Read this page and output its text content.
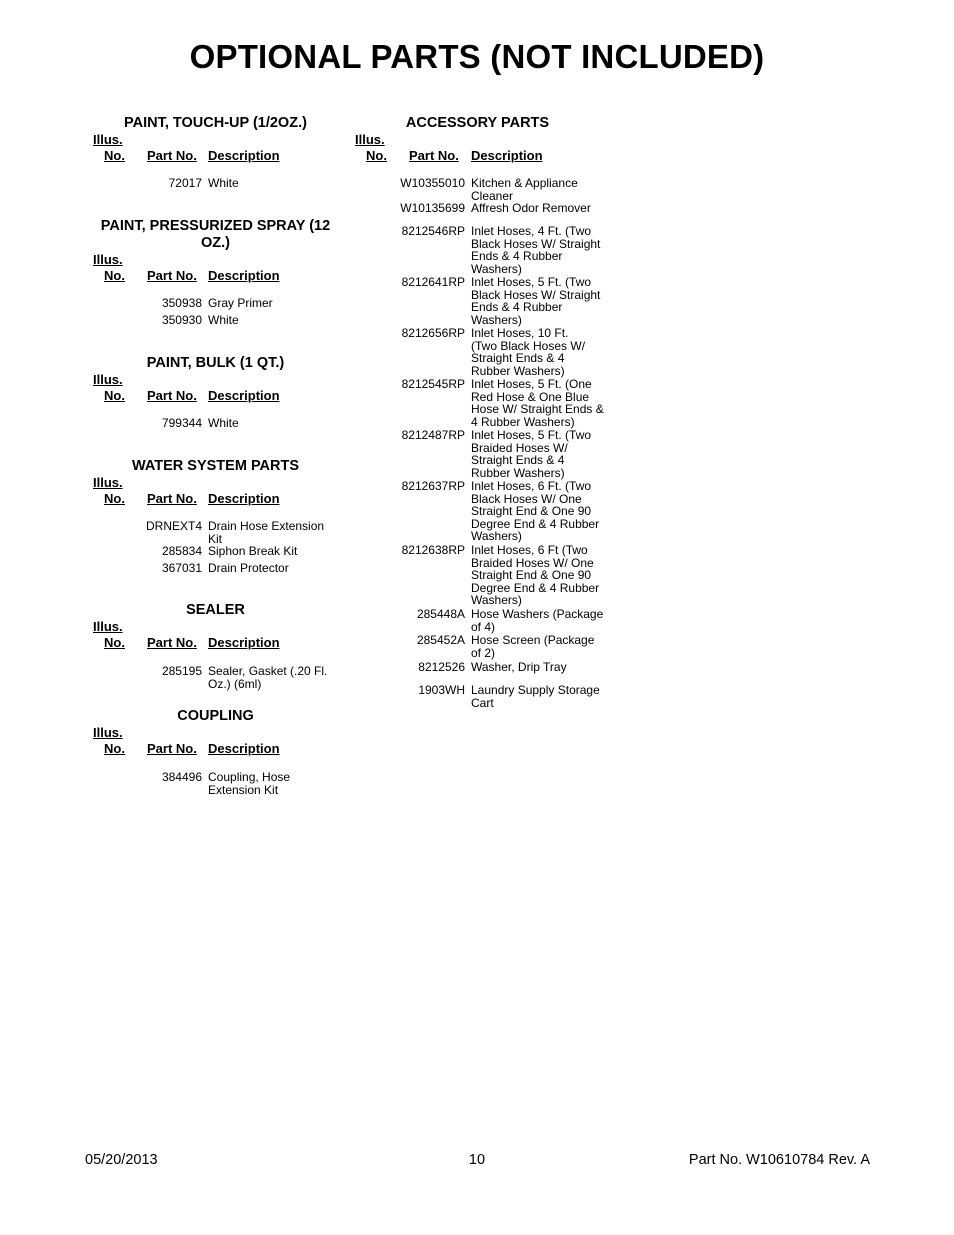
OPTIONAL PARTS (NOT INCLUDED)
PAINT, TOUCH-UP (1/2OZ.)
Illus.
No. Part No. Description
72017 White
PAINT, PRESSURIZED SPRAY (12 OZ.)
Illus.
No. Part No. Description
350938 Gray Primer
350930 White
PAINT, BULK (1 QT.)
Illus.
No. Part No. Description
799344 White
WATER SYSTEM PARTS
Illus.
No. Part No. Description
DRNEXT4 Drain Hose Extension Kit
285834 Siphon Break Kit
367031 Drain Protector
SEALER
Illus.
No. Part No. Description
285195 Sealer, Gasket (.20 Fl. Oz.) (6ml)
COUPLING
Illus.
No. Part No. Description
384496 Coupling, Hose Extension Kit
ACCESSORY PARTS
Illus.
No. Part No. Description
W10355010 Kitchen & Appliance Cleaner
W10135699 Affresh Odor Remover
8212546RP Inlet Hoses, 4 Ft. (Two Black Hoses W/ Straight Ends & 4 Rubber Washers)
8212641RP Inlet Hoses, 5 Ft. (Two Black Hoses W/ Straight Ends & 4 Rubber Washers)
8212656RP Inlet Hoses, 10 Ft. (Two Black Hoses W/ Straight Ends & 4 Rubber Washers)
8212545RP Inlet Hoses, 5 Ft. (One Red Hose & One Blue Hose W/ Straight Ends & 4 Rubber Washers)
8212487RP Inlet Hoses, 5 Ft. (Two Braided Hoses W/ Straight Ends & 4 Rubber Washers)
8212637RP Inlet Hoses, 6 Ft. (Two Black Hoses W/ One Straight End & One 90 Degree End & 4 Rubber Washers)
8212638RP Inlet Hoses, 6 Ft (Two Braided Hoses W/ One Straight End & One 90 Degree End & 4 Rubber Washers)
285448A Hose Washers (Package of 4)
285452A Hose Screen (Package of 2)
8212526 Washer, Drip Tray
1903WH Laundry Supply Storage Cart
05/20/2013	10	Part No. W10610784 Rev. A
